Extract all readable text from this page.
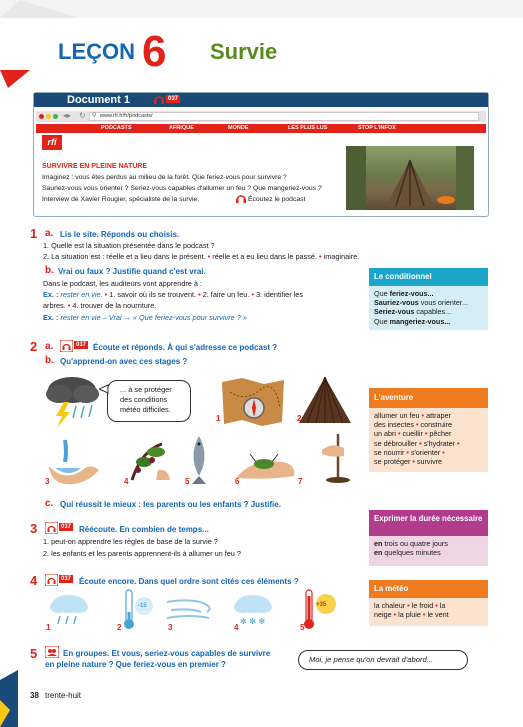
LEÇON 6 Survie
Document 1	037
◂▸ ↻ ⚲ www.rfi.fr/fr/podcasts/
PODCASTS	AFRIQUE	MONDE	LES PLUS LUS	STOP L'INFOX
rfi
SURVIVRE EN PLEINE NATURE
Imaginez : vous êtes perdus au milieu de la forêt. Que feriez-vous pour survivre ?
Sauriez-vous vous orienter ? Seriez-vous capables d'allumer un feu ? Que mangeriez-vous ?
Interview de Xavier Rougier, spécialiste de la survie.	Écoutez le podcast
1 a. Lis le site. Réponds ou choisis.
1. Quelle est la situation présentée dans le podcast ?
2. La situation est : réelle et a lieu dans le présent. • réelle et a eu lieu dans le passé. • imaginaire.
b. Vrai ou faux ? Justifie quand c'est vrai.
Dans le podcast, les auditeurs vont apprendre à :
Ex. : rester en vie. • 1. savoir où ils se trouvent. • 2. faire un feu. • 3. identifier les
arbres. • 4. trouver de la nourriture.
Ex. : rester en vie – Vrai → « Que feriez-vous pour survivre ? »
Le conditionnel
Que feriez-vous...
Sauriez-vous vous orienter...
Seriez-vous capables...
Que mangeriez-vous...
2 a.	037 Écoute et réponds. À qui s'adresse ce podcast ?
b. Qu'apprend-on avec ces stages ?
... à se protéger
des conditions
météo difficiles.
1	2
3	4	5	6	7
c. Qui réussit le mieux : les parents ou les enfants ? Justifie.
L'aventure
allumer un feu • attraper
des insectes • construire
un abri • cueillir • pêcher
se débrouiller • s'hydrater •
se nourrir • s'orienter •
se protéger • survivre
Exprimer la durée nécessaire
en trois ou quatre jours
en quelques minutes
3	037 Réécoute. En combien de temps...
1. peut-on apprendre les règles de base de la survie ?
2. les enfants et les parents apprennent-ils à allumer un feu ?
4	037 Écoute encore. Dans quel ordre sont cités ces éléments ?
1
-15
2	3
✻ ✻ ✻
4
+35
5
La météo
la chaleur • le froid • la
neige • la pluie • le vent
5	En groupes. Et vous, seriez-vous capables de survivre
en pleine nature ? Que feriez-vous en premier ?
Moi, je pense qu'on devrait d'abord...
38 trente-huit
